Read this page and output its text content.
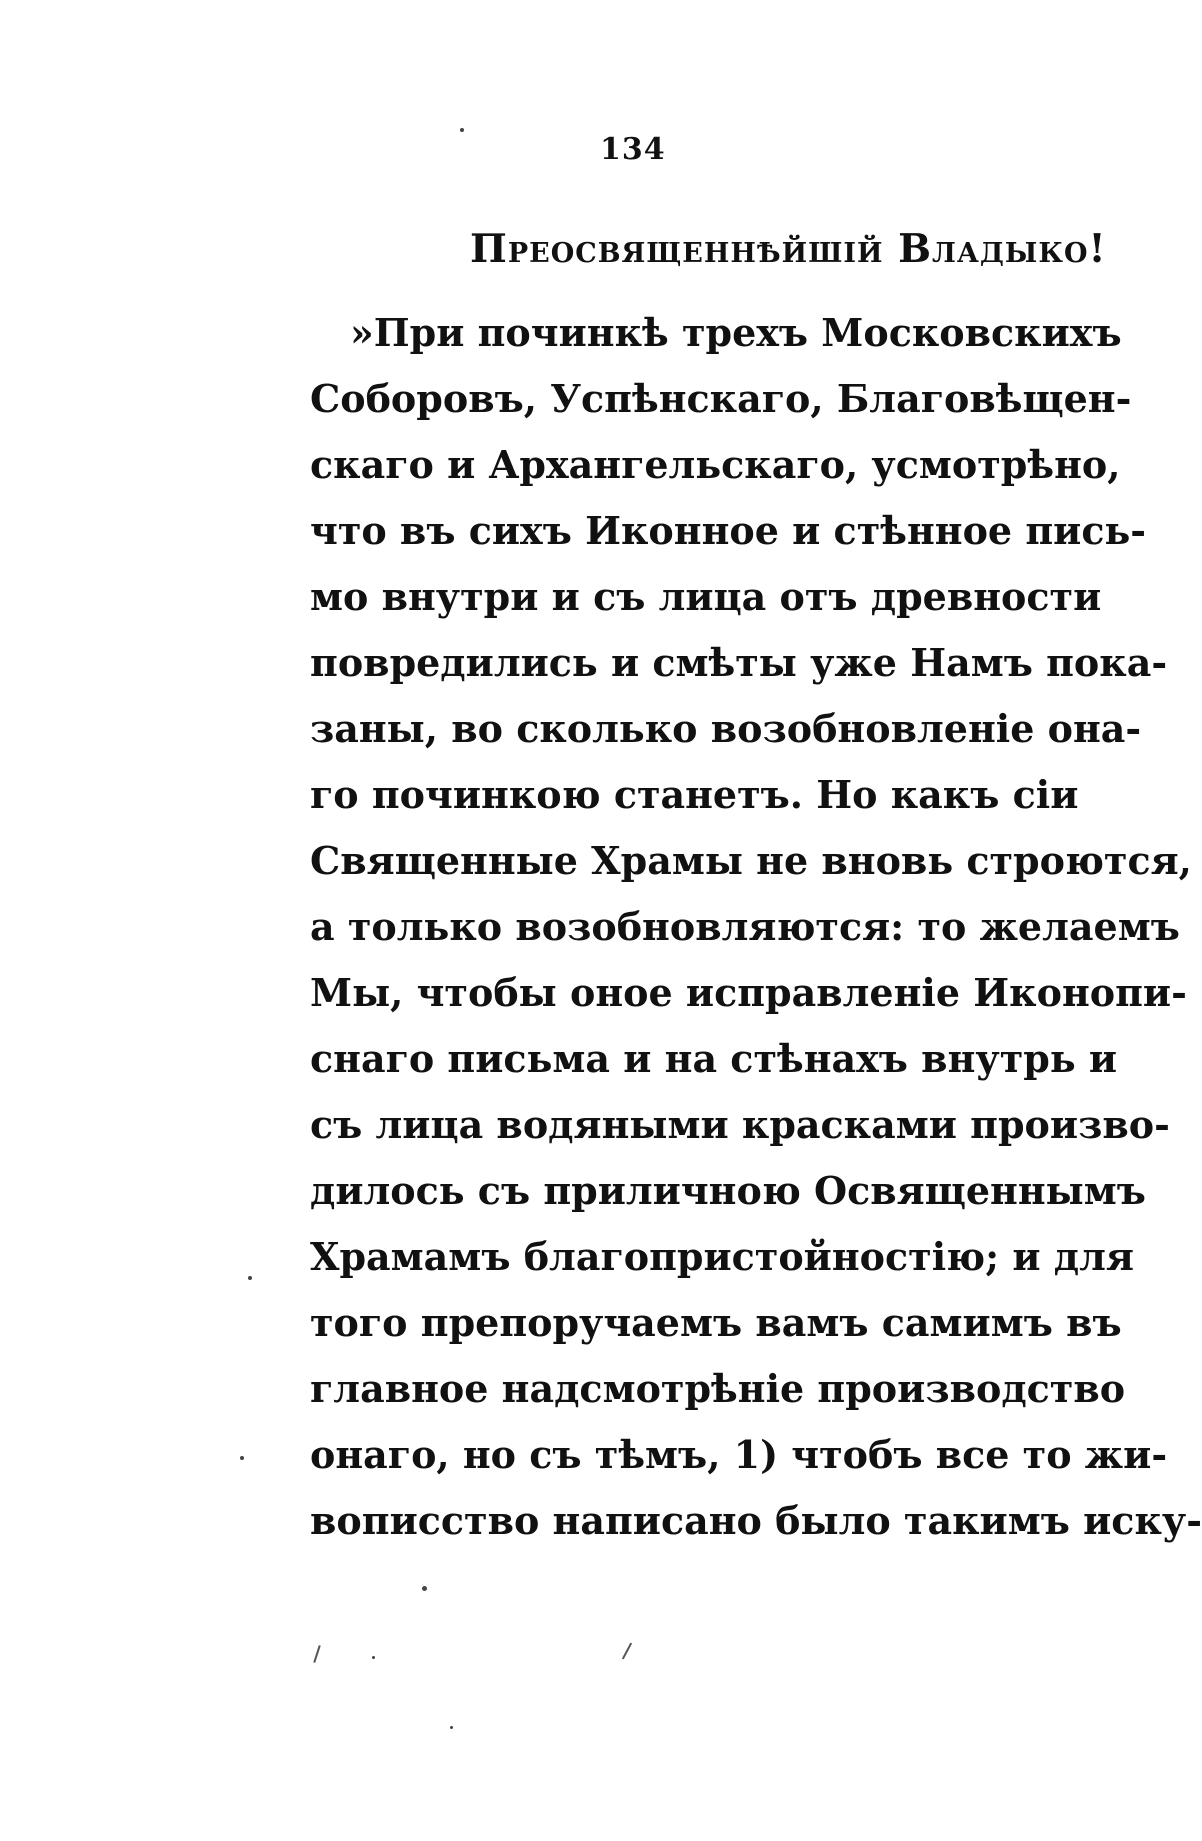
134
Преосвященнѣйшій Владыко!
»При починкѣ трехъ Московскихъ
Соборовъ, Успѣнскаго, Благовѣщен-
скаго и Архангельскаго, усмотрѣно,
что въ сихъ Иконное и стѣнное пись-
мо внутри и съ лица отъ древности
повредились и смѣты уже Намъ пока-
заны, во сколько возобновленіе она-
го починкою станетъ. Но какъ сіи
Священные Храмы не вновь строются,
а только возобновляются: то желаемъ
Мы, чтобы оное исправленіе Иконопи-
снаго письма и на стѣнахъ внутрь и
съ лица водяными красками произво-
дилось съ приличною Освященнымъ
Храмамъ благопристойностію; и для
того препоручаемъ вамъ самимъ въ
главное надсмотрѣніе производство
онаго, но съ тѣмъ, 1) чтобъ все то жи-
вописство написано было такимъ иску-
